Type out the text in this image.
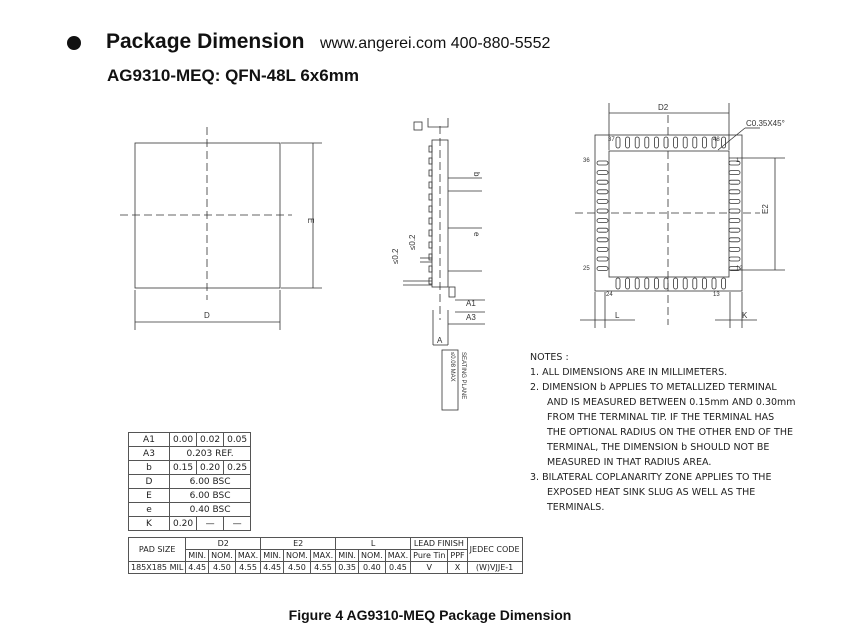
Package Dimension www.angerei.com 400-880-5552
AG9310-MEQ: QFN-48L 6x6mm
E
D
b
e
A1
A3
A
≤0.2
≤0.2
≤0.08 MAX SEATING PLANE
D2
E2
C0.35X45°
37	48
36	1
25	12
24	13
L	K
NOTES :
1. ALL DIMENSIONS ARE IN MILLIMETERS.
2. DIMENSION b APPLIES TO METALLIZED TERMINAL
AND IS MEASURED BETWEEN 0.15mm AND 0.30mm
FROM THE TERMINAL TIP. IF THE TERMINAL HAS
THE OPTIONAL RADIUS ON THE OTHER END OF THE
TERMINAL, THE DIMENSION b SHOULD NOT BE
MEASURED IN THAT RADIUS AREA.
3. BILATERAL COPLANARITY ZONE APPLIES TO THE
EXPOSED HEAT SINK SLUG AS WELL AS THE
TERMINALS.
A1	0.00	0.02	0.05
A3	0.203 REF.		
b	0.15	0.20	0.25
D	6.00 BSC		
E	6.00 BSC		
e	0.40 BSC		
K	0.20	—	—
PAD SIZE	D2			E2			L			LEAD FINISH		JEDEC CODE
	MIN.	NOM.	MAX.	MIN.	NOM.	MAX.	MIN.	NOM.	MAX.	Pure Tin	PPF	
185X185 MIL	4.45	4.50	4.55	4.45	4.50	4.55	0.35	0.40	0.45	V	X	(W)VJJE-1
Figure 4 AG9310-MEQ Package Dimension
